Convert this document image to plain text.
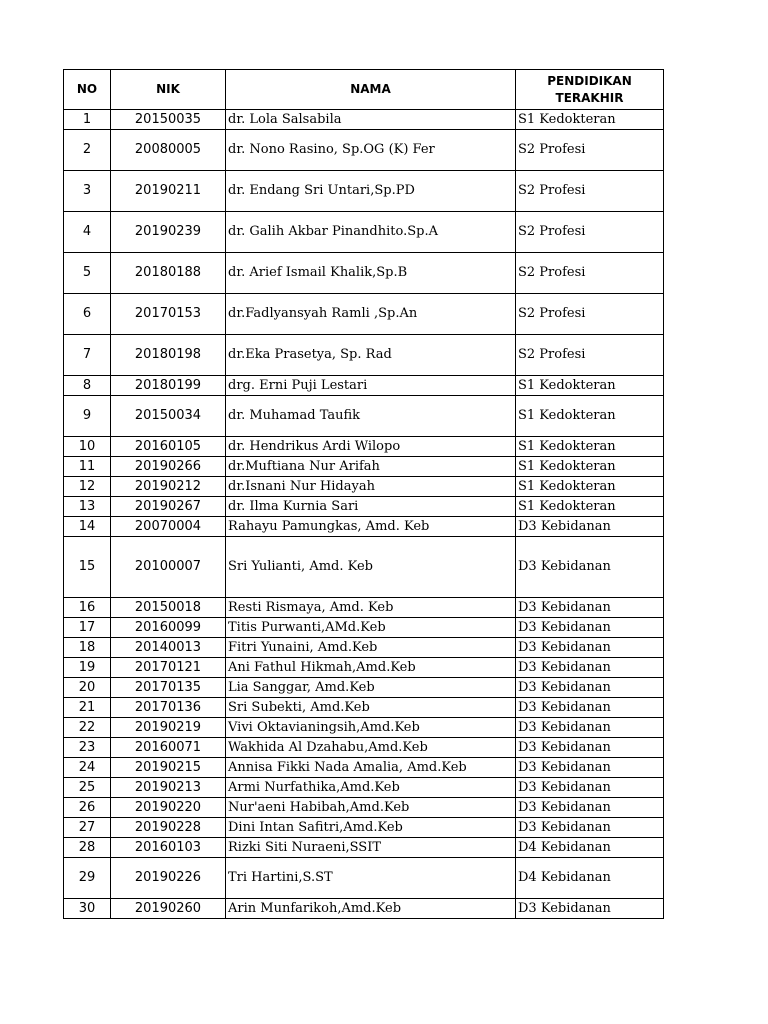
NO	NIK	NAMA	PENDIDIKAN TERAKHIR
1	20150035	dr. Lola Salsabila	S1 Kedokteran
2	20080005	dr. Nono Rasino, Sp.OG (K) Fer	S2 Profesi
3	20190211	dr. Endang Sri Untari,Sp.PD	S2 Profesi
4	20190239	dr. Galih Akbar Pinandhito.Sp.A	S2 Profesi
5	20180188	dr. Arief Ismail Khalik,Sp.B	S2 Profesi
6	20170153	dr.Fadlyansyah Ramli ,Sp.An	S2 Profesi
7	20180198	dr.Eka Prasetya, Sp. Rad	S2 Profesi
8	20180199	drg. Erni Puji Lestari	S1 Kedokteran
9	20150034	dr. Muhamad Taufik	S1 Kedokteran
10	20160105	dr. Hendrikus Ardi Wilopo	S1 Kedokteran
11	20190266	dr.Muftiana Nur Arifah	S1 Kedokteran
12	20190212	dr.Isnani Nur Hidayah	S1 Kedokteran
13	20190267	dr. Ilma Kurnia Sari	S1 Kedokteran
14	20070004	Rahayu Pamungkas, Amd. Keb	D3 Kebidanan
15	20100007	Sri Yulianti, Amd. Keb	D3 Kebidanan
16	20150018	Resti Rismaya, Amd. Keb	D3 Kebidanan
17	20160099	Titis Purwanti,AMd.Keb	D3 Kebidanan
18	20140013	Fitri Yunaini, Amd.Keb	D3 Kebidanan
19	20170121	Ani Fathul Hikmah,Amd.Keb	D3 Kebidanan
20	20170135	Lia Sanggar, Amd.Keb	D3 Kebidanan
21	20170136	Sri Subekti, Amd.Keb	D3 Kebidanan
22	20190219	Vivi Oktavianingsih,Amd.Keb	D3 Kebidanan
23	20160071	Wakhida Al Dzahabu,Amd.Keb	D3 Kebidanan
24	20190215	Annisa Fikki Nada Amalia, Amd.Keb	D3 Kebidanan
25	20190213	Armi Nurfathika,Amd.Keb	D3 Kebidanan
26	20190220	Nur'aeni Habibah,Amd.Keb	D3 Kebidanan
27	20190228	Dini Intan Safitri,Amd.Keb	D3 Kebidanan
28	20160103	Rizki Siti Nuraeni,SSIT	D4 Kebidanan
29	20190226	Tri Hartini,S.ST	D4 Kebidanan
30	20190260	Arin Munfarikoh,Amd.Keb	D3 Kebidanan
